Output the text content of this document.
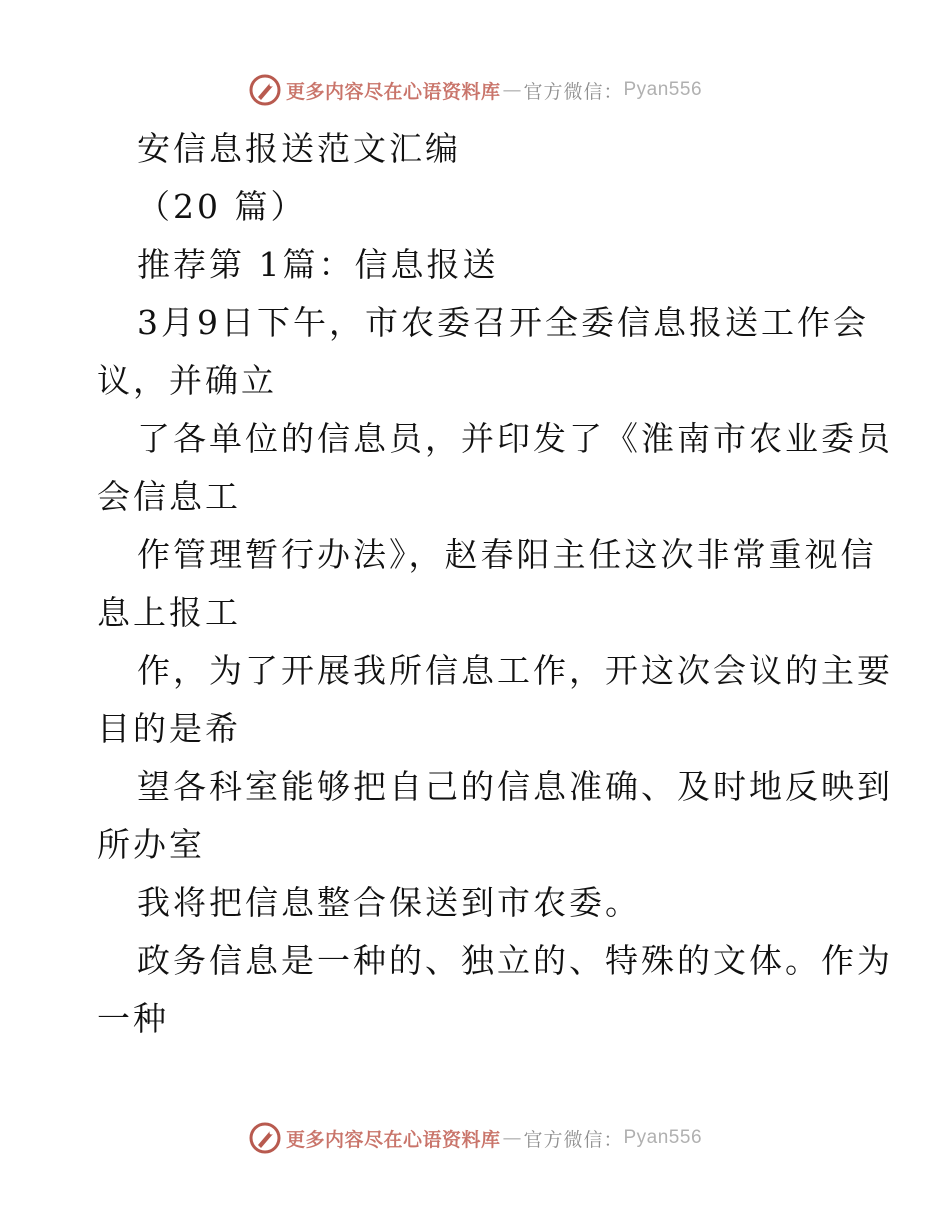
更多内容尽在心语资料库 — 官方微信： Pyan556
安信息报送范文汇编
（20 篇）
推荐第 1篇：信息报送
3月9日下午，市农委召开全委信息报送工作会
议，并确立
了各单位的信息员，并印发了《淮南市农业委员
会信息工
作管理暂行办法》，赵春阳主任这次非常重视信
息上报工
作，为了开展我所信息工作，开这次会议的主要
目的是希
望各科室能够把自己的信息准确、及时地反映到
所办室
我将把信息整合保送到市农委。
政务信息是一种的、独立的、特殊的文体。作为
一种
更多内容尽在心语资料库 — 官方微信： Pyan556
